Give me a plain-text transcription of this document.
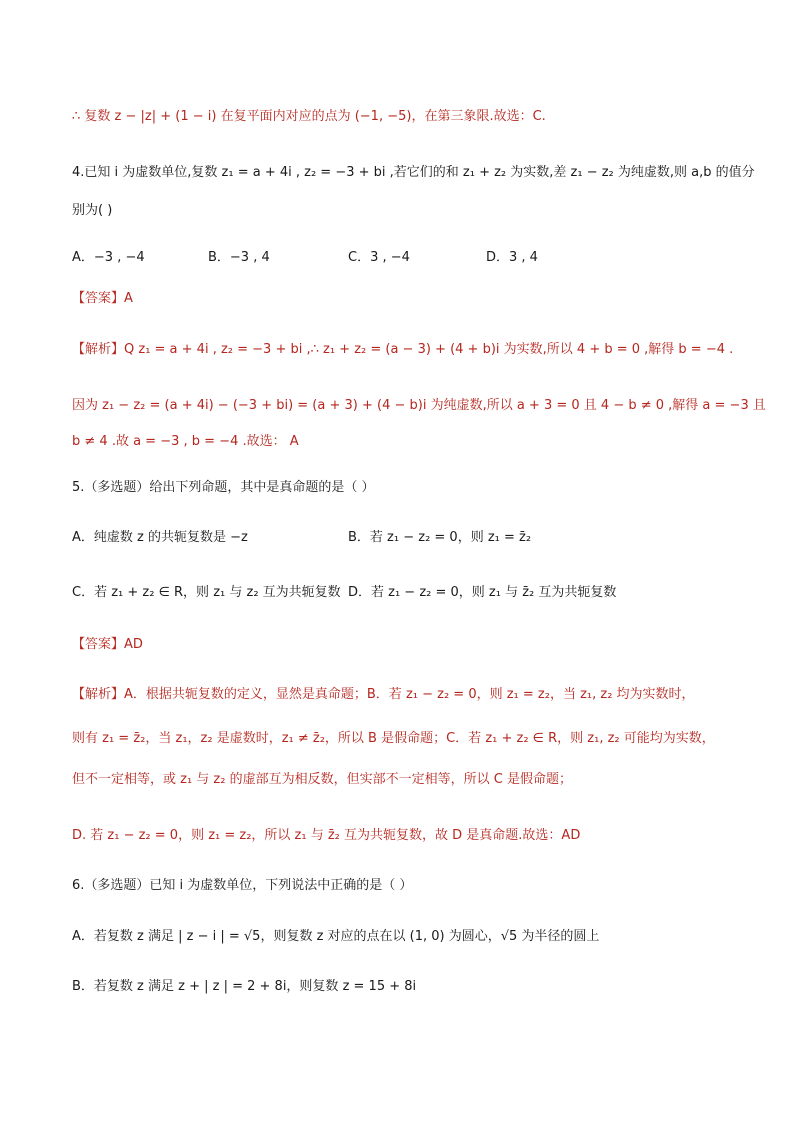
∴ 复数 z − |z| + (1 − i) 在复平面内对应的点为 (−1, −5)，在第三象限.故选：C.
4.已知 i 为虚数单位,复数 z₁ = a + 4i , z₂ = −3 + bi ,若它们的和 z₁ + z₂ 为实数,差 z₁ − z₂ 为纯虚数,则 a,b 的值分
别为( )
A．−3 , −4	B．−3 , 4	C．3 , −4	D．3 , 4
【答案】A
【解析】Q z₁ = a + 4i , z₂ = −3 + bi ,∴ z₁ + z₂ = (a − 3) + (4 + b)i 为实数,所以 4 + b = 0 ,解得 b = −4 .
因为 z₁ − z₂ = (a + 4i) − (−3 + bi) = (a + 3) + (4 − b)i 为纯虚数,所以 a + 3 = 0 且 4 − b ≠ 0 ,解得 a = −3 且
b ≠ 4 .故 a = −3 , b = −4 .故选： A
5.（多选题）给出下列命题，其中是真命题的是（ ）
A．纯虚数 z 的共轭复数是 −z	B．若 z₁ − z₂ = 0，则 z₁ = z̄₂
C．若 z₁ + z₂ ∈ R，则 z₁ 与 z₂ 互为共轭复数 D．若 z₁ − z₂ = 0，则 z₁ 与 z̄₂ 互为共轭复数
【答案】AD
【解析】A．根据共轭复数的定义，显然是真命题；B．若 z₁ − z₂ = 0，则 z₁ = z₂，当 z₁, z₂ 均为实数时，
则有 z₁ = z̄₂，当 z₁，z₂ 是虚数时，z₁ ≠ z̄₂，所以 B 是假命题；C．若 z₁ + z₂ ∈ R，则 z₁, z₂ 可能均为实数，
但不一定相等，或 z₁ 与 z₂ 的虚部互为相反数，但实部不一定相等，所以 C 是假命题；
D. 若 z₁ − z₂ = 0，则 z₁ = z₂，所以 z₁ 与 z̄₂ 互为共轭复数，故 D 是真命题.故选：AD
6.（多选题）已知 i 为虚数单位，下列说法中正确的是（ ）
A．若复数 z 满足 | z − i | = √5，则复数 z 对应的点在以 (1, 0) 为圆心，√5 为半径的圆上
B．若复数 z 满足 z + | z | = 2 + 8i，则复数 z = 15 + 8i
